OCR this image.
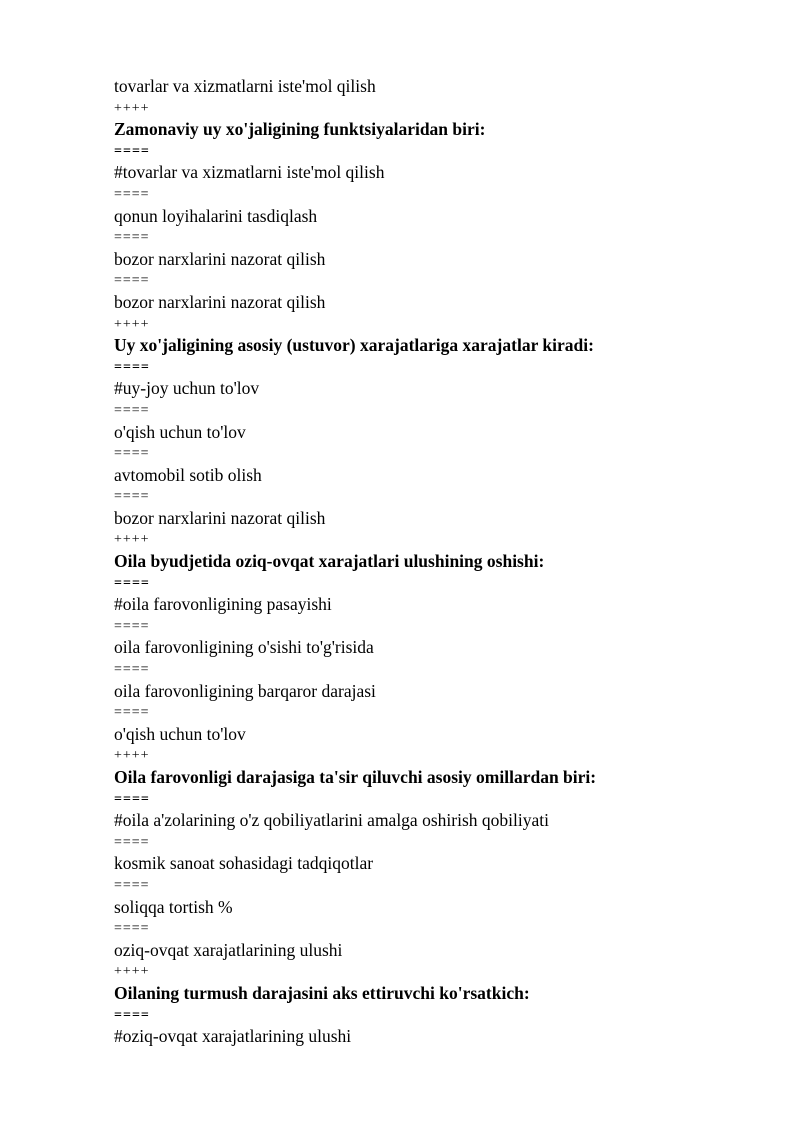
tovarlar va xizmatlarni iste'mol qilish
++++
Zamonaviy uy xo'jaligining funktsiyalaridan biri:
====
#tovarlar va xizmatlarni iste'mol qilish
====
qonun loyihalarini tasdiqlash
====
bozor narxlarini nazorat qilish
====
bozor narxlarini nazorat qilish
++++
Uy xo'jaligining asosiy (ustuvor) xarajatlariga xarajatlar kiradi:
====
#uy-joy uchun to'lov
====
o'qish uchun to'lov
====
avtomobil sotib olish
====
bozor narxlarini nazorat qilish
++++
Oila byudjetida oziq-ovqat xarajatlari ulushining oshishi:
====
#oila farovonligining pasayishi
====
oila farovonligining o'sishi to'g'risida
====
oila farovonligining barqaror darajasi
====
o'qish uchun to'lov
++++
Oila farovonligi darajasiga ta'sir qiluvchi asosiy omillardan biri:
====
#oila a'zolarining o'z qobiliyatlarini amalga oshirish qobiliyati
====
kosmik sanoat sohasidagi tadqiqotlar
====
soliqqa tortish %
====
oziq-ovqat xarajatlarining ulushi
++++
Oilaning turmush darajasini aks ettiruvchi ko'rsatkich:
====
#oziq-ovqat xarajatlarining ulushi
